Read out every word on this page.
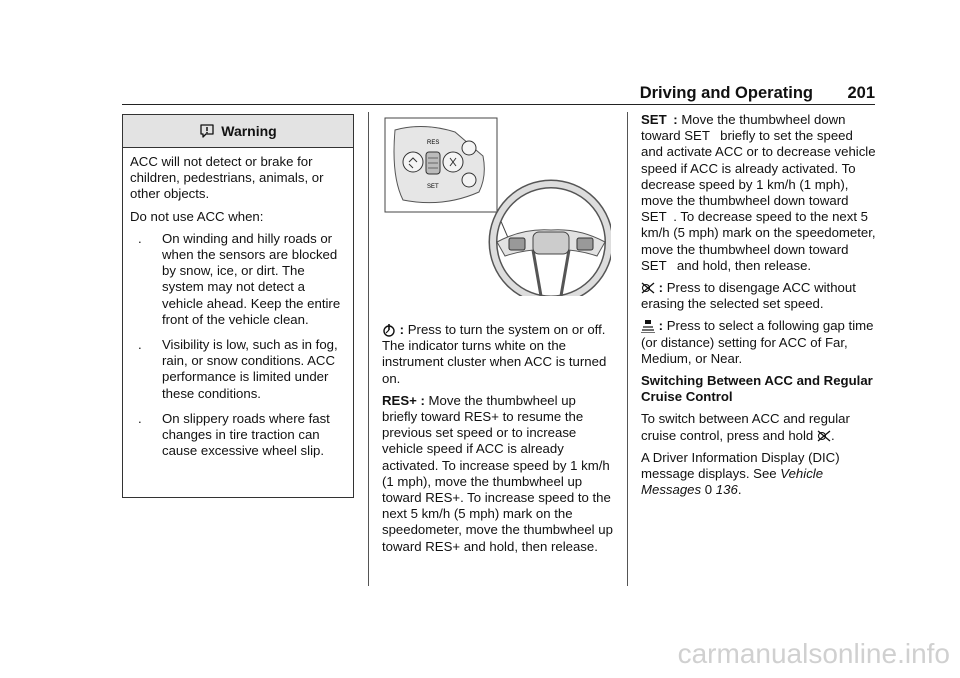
Driving and Operating 201
Warning

ACC will not detect or brake for children, pedestrians, animals, or other objects.

Do not use ACC when:

. On winding and hilly roads or when the sensors are blocked by snow, ice, or dirt. The system may not detect a vehicle ahead. Keep the entire front of the vehicle clean.
. Visibility is low, such as in fog, rain, or snow conditions. ACC performance is limited under these conditions.
. On slippery roads where fast changes in tire traction can cause excessive wheel slip.
RES
SET

: Press to turn the system on or off. The indicator turns white on the instrument cluster when ACC is turned on.

RES+ : Move the thumbwheel up briefly toward RES+ to resume the previous set speed or to increase vehicle speed if ACC is already activated. To increase speed by 1 km/h (1 mph), move the thumbwheel up toward RES+. To increase speed to the next 5 km/h (5 mph) mark on the speedometer, move the thumbwheel up toward RES+ and hold, then release.

SET : Move the thumbwheel down toward SET  briefly to set the speed and activate ACC or to decrease vehicle speed if ACC is already activated. To decrease speed by 1 km/h (1 mph), move the thumbwheel down toward SET . To decrease speed to the next 5 km/h (5 mph) mark on the speedometer, move the thumbwheel down toward SET  and hold, then release.

: Press to disengage ACC without erasing the selected set speed.

: Press to select a following gap time (or distance) setting for ACC of Far, Medium, or Near.

Switching Between ACC and Regular Cruise Control

To switch between ACC and regular cruise control, press and hold .

A Driver Information Display (DIC) message displays. See Vehicle Messages 0 136.

carmanualsonline.info
